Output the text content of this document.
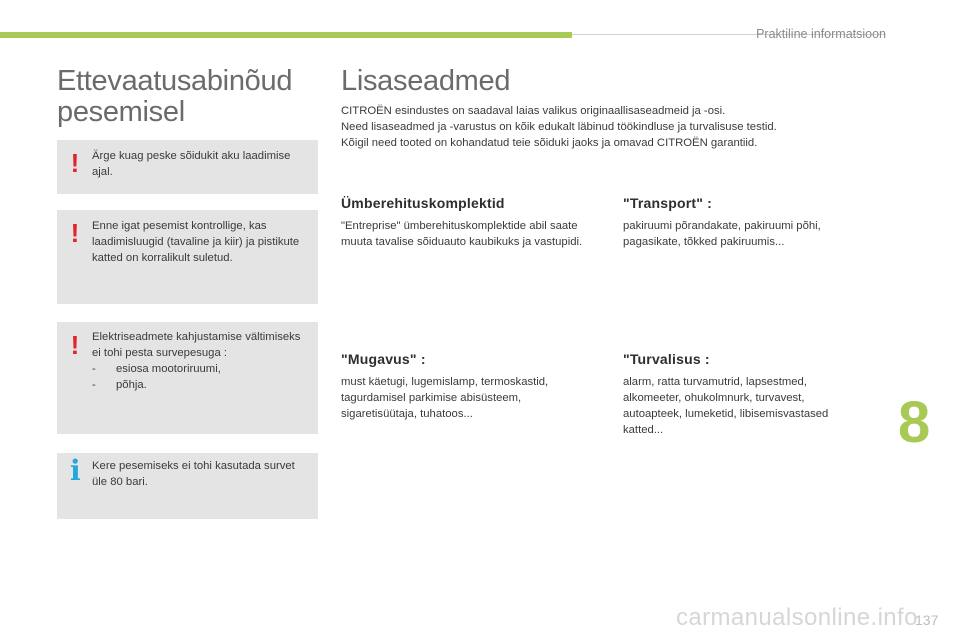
Praktiline informatsioon
Ettevaatusabinõud
pesemisel
! Ärge kuag peske sõidukit aku laadimise ajal.
! Enne igat pesemist kontrollige, kas laadimisluugid (tavaline ja kiir) ja pistikute katted on korralikult suletud.
! Elektriseadmete kahjustamise vältimiseks ei tohi pesta survepesuga :
- esiosa mootoriruumi,
- põhja.
i Kere pesemiseks ei tohi kasutada survet üle 80 bari.
Lisaseadmed
CITROËN esindustes on saadaval laias valikus originaallisaseadmeid ja -osi.
Need lisaseadmed ja -varustus on kõik edukalt läbinud töökindluse ja turvalisuse testid.
Kõigil need tooted on kohandatud teie sõiduki jaoks ja omavad CITROËN garantiid.
Ümberehituskomplektid
"Entreprise" ümberehituskomplektide abil saate muuta tavalise sõiduauto kaubikuks ja vastupidi.
"Transport" :
pakiruumi põrandakate, pakiruumi põhi, pagasikate, tõkked pakiruumis...
"Mugavus" :
must käetugi, lugemislamp, termoskastid, tagurdamisel parkimise abisüsteem, sigaretisüütaja, tuhatoos...
"Turvalisus :
alarm, ratta turvamutrid, lapsestmed, alkomeeter, ohukolmnurk, turvavest, autoapteek, lumeketid, libisemisvastased katted...	8
carmanualsonline.info
137
